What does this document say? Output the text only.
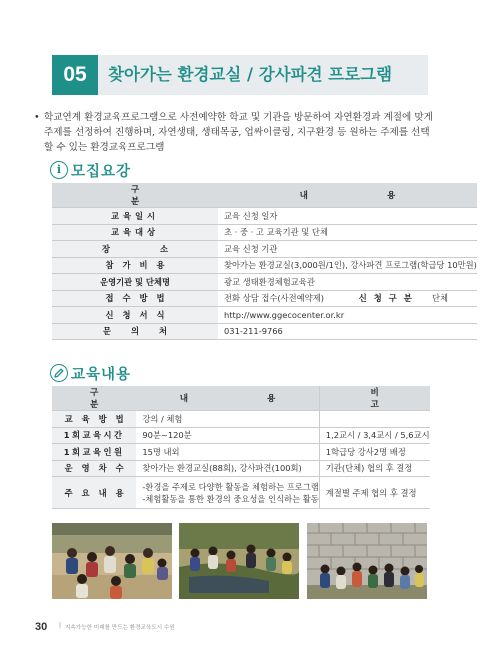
05	찾아가는 환경교실 / 강사파견 프로그램
• 학교연계 환경교육프로그램으로 사전예약한 학교 및 기관을 방문하여 자연환경과 계절에 맞게 주제를 선정하여 진행하며, 자연생태, 생태목공, 업싸이클링, 지구환경 등 원하는 주제를 선택할 수 있는 환경교육프로그램
i 모집요강
구 분	내 용		
교육일시	교육 신청 일자		
교육대상	초 · 중 · 고 교육기관 및 단체		
장소	교육 신청 기관		
참가비용	찾아가는 환경교실(3,000원/1인), 강사파견 프로그램(학급당 10만원)		
운영기관 및 단체명	광교 생태환경체험교육관		
접수방법	전화 상담 접수(사전예약제)	신청구분	단체
신청서식	http://www.ggecocenter.or.kr		
문의처	031-211-9766		
교육내용
구 분	내 용	비 고
교육방법	강의 / 체험	
1회교육시간	90분~120분	1,2교시 / 3,4교시 / 5,6교시
1회교육인원	15명 내외	1학급당 강사2명 배정
운영차수	찾아가는 환경교실(88회), 강사파견(100회)	기관(단체) 협의 후 결정
주요내용	-환경을 주제로 다양한 활동을 체험하는 프로그램
-체험활동을 통한 환경의 중요성을 인식하는 활동	계절별 주제 협의 후 결정
30 | 지속가능한 미래를 만드는 환경교육도시 수원
